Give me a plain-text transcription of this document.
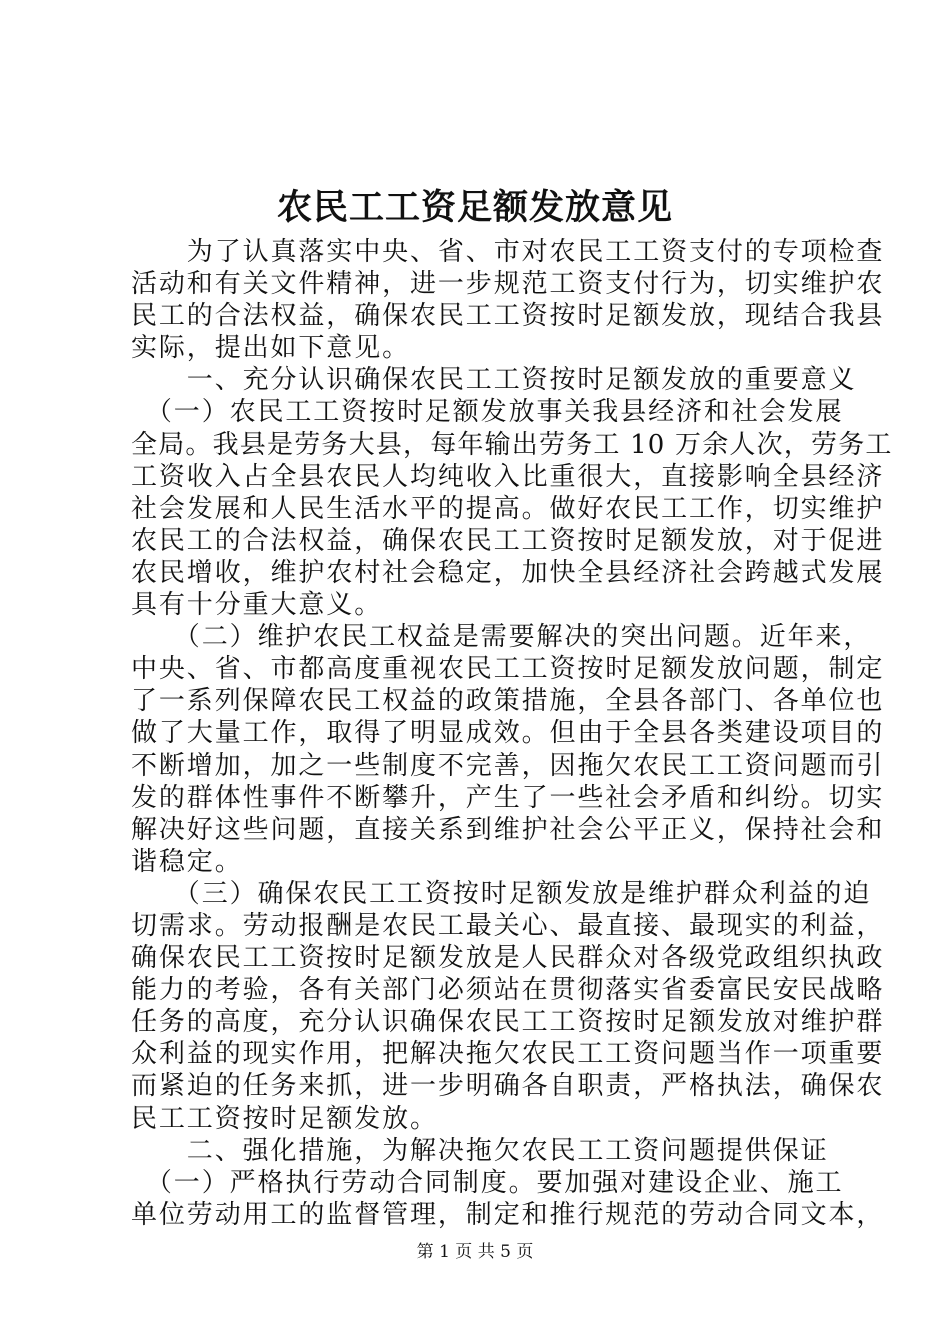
农民工工资足额发放意见
　　为了认真落实中央、省、市对农民工工资支付的专项检查
活动和有关文件精神，进一步规范工资支付行为，切实维护农
民工的合法权益，确保农民工工资按时足额发放，现结合我县
实际，提出如下意见。
　　一、充分认识确保农民工工资按时足额发放的重要意义
　（一）农民工工资按时足额发放事关我县经济和社会发展
全局。我县是劳务大县，每年输出劳务工 10 万余人次，劳务工
工资收入占全县农民人均纯收入比重很大，直接影响全县经济
社会发展和人民生活水平的提高。做好农民工工作，切实维护
农民工的合法权益，确保农民工工资按时足额发放，对于促进
农民增收，维护农村社会稳定，加快全县经济社会跨越式发展
具有十分重大意义。
　　（二）维护农民工权益是需要解决的突出问题。近年来，
中央、省、市都高度重视农民工工资按时足额发放问题，制定
了一系列保障农民工权益的政策措施，全县各部门、各单位也
做了大量工作，取得了明显成效。但由于全县各类建设项目的
不断增加，加之一些制度不完善，因拖欠农民工工资问题而引
发的群体性事件不断攀升，产生了一些社会矛盾和纠纷。切实
解决好这些问题，直接关系到维护社会公平正义，保持社会和
谐稳定。
　　（三）确保农民工工资按时足额发放是维护群众利益的迫
切需求。劳动报酬是农民工最关心、最直接、最现实的利益，
确保农民工工资按时足额发放是人民群众对各级党政组织执政
能力的考验，各有关部门必须站在贯彻落实省委富民安民战略
任务的高度，充分认识确保农民工工资按时足额发放对维护群
众利益的现实作用，把解决拖欠农民工工资问题当作一项重要
而紧迫的任务来抓，进一步明确各自职责，严格执法，确保农
民工工资按时足额发放。
　　二、强化措施，为解决拖欠农民工工资问题提供保证
　（一）严格执行劳动合同制度。要加强对建设企业、施工
单位劳动用工的监督管理，制定和推行规范的劳动合同文本，
第 1 页 共 5 页
